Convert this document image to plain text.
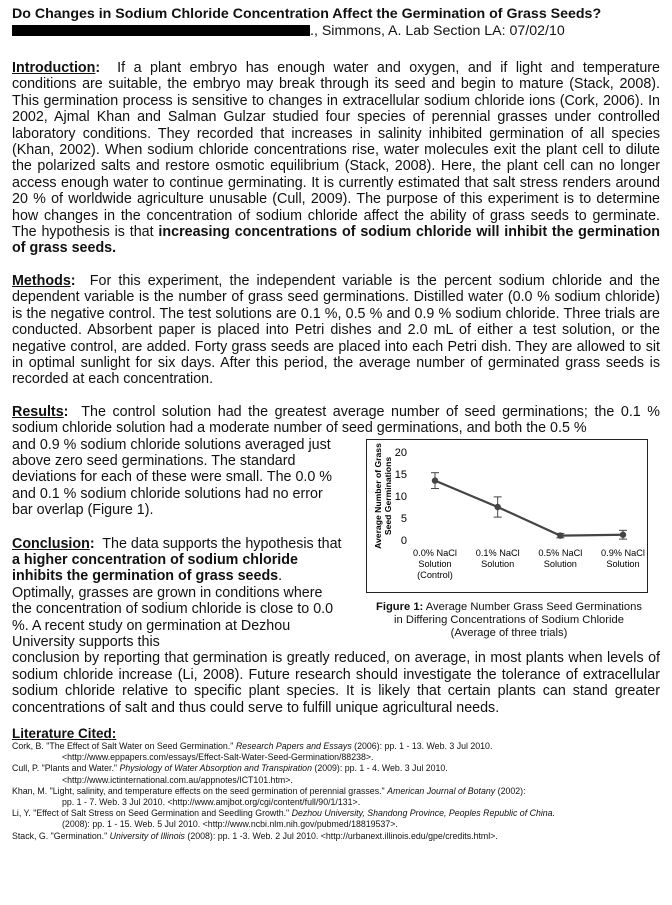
Do Changes in Sodium Chloride Concentration Affect the Germination of Grass Seeds?
., Simmons, A. Lab Section LA: 07/02/10

Introduction: If a plant embryo has enough water and oxygen, and if light and temperature conditions are suitable, the embryo may break through its seed and begin to mature (Stack, 2008). This germination process is sensitive to changes in extracellular sodium chloride ions (Cork, 2006). In 2002, Ajmal Khan and Salman Gulzar studied four species of perennial grasses under controlled laboratory conditions. They recorded that increases in salinity inhibited germination of all species (Khan, 2002). When sodium chloride concentrations rise, water molecules exit the plant cell to dilute the polarized salts and restore osmotic equilibrium (Stack, 2008). Here, the plant cell can no longer access enough water to continue germinating. It is currently estimated that salt stress renders around 20 % of worldwide agriculture unusable (Cull, 2009). The purpose of this experiment is to determine how changes in the concentration of sodium chloride affect the ability of grass seeds to germinate. The hypothesis is that increasing concentrations of sodium chloride will inhibit the germination of grass seeds.

Methods: For this experiment, the independent variable is the percent sodium chloride and the dependent variable is the number of grass seed germinations. Distilled water (0.0 % sodium chloride) is the negative control. The test solutions are 0.1 %, 0.5 % and 0.9 % sodium chloride. Three trials are conducted. Absorbent paper is placed into Petri dishes and 2.0 mL of either a test solution, or the negative control, are added. Forty grass seeds are placed into each Petri dish. They are allowed to sit in optimal sunlight for six days. After this period, the average number of germinated grass seeds is recorded at each concentration.

Results: The control solution had the greatest average number of seed germinations; the 0.1 % sodium chloride solution had a moderate number of seed germinations, and both the 0.5 %

and 0.9 % sodium chloride solutions averaged just above zero seed germinations. The standard deviations for each of these were small. The 0.0 % and 0.1 % sodium chloride solutions had no error bar overlap (Figure 1).

Conclusion: The data supports the hypothesis that a higher concentration of sodium chloride inhibits the germination of grass seeds. Optimally, grasses are grown in conditions where the concentration of sodium chloride is close to 0.0 %. A recent study on germination at Dezhou University supports this

Average Number of Grass Seed Germinations
0
5
10
15
20
0.0% NaCl
Solution
(Control)
0.1% NaCl
Solution
0.5% NaCl
Solution
0.9% NaCl
Solution
Figure 1: Average Number Grass Seed Germinations
in Differing Concentrations of Sodium Chloride
(Average of three trials)

conclusion by reporting that germination is greatly reduced, on average, in most plants when levels of sodium chloride increase (Li, 2008). Future research should investigate the tolerance of extracellular sodium chloride relative to specific plant species. It is likely that certain plants can stand greater concentrations of salt and thus could serve to fulfill unique agricultural needs.

Literature Cited:
Cork, B. "The Effect of Salt Water on Seed Germination." Research Papers and Essays (2006): pp. 1 - 13. Web. 3 Jul 2010.
<http://www.eppapers.com/essays/Effect-Salt-Water-Seed-Germination/88238>.
Cull, P. "Plants and Water." Physiology of Water Absorption and Transpiration (2009): pp. 1 - 4. Web. 3 Jul 2010.
<http://www.ictinternational.com.au/appnotes/ICT101.htm>.
Khan, M. "Light, salinity, and temperature effects on the seed germination of perennial grasses." American Journal of Botany (2002):
pp. 1 - 7. Web. 3 Jul 2010. <http://www.amjbot.org/cgi/content/full/90/1/131>.
Li, Y. "Effect of Salt Stress on Seed Germination and Seedling Growth." Dezhou University, Shandong Province, Peoples Republic of China.
(2008): pp. 1 - 15. Web. 5 Jul 2010. <http://www.ncbi.nlm.nih.gov/pubmed/18819537>.
Stack, G. "Germination." University of Illinois (2008): pp. 1 -3. Web. 2 Jul 2010. <http://urbanext.illinois.edu/gpe/credits.html>.
